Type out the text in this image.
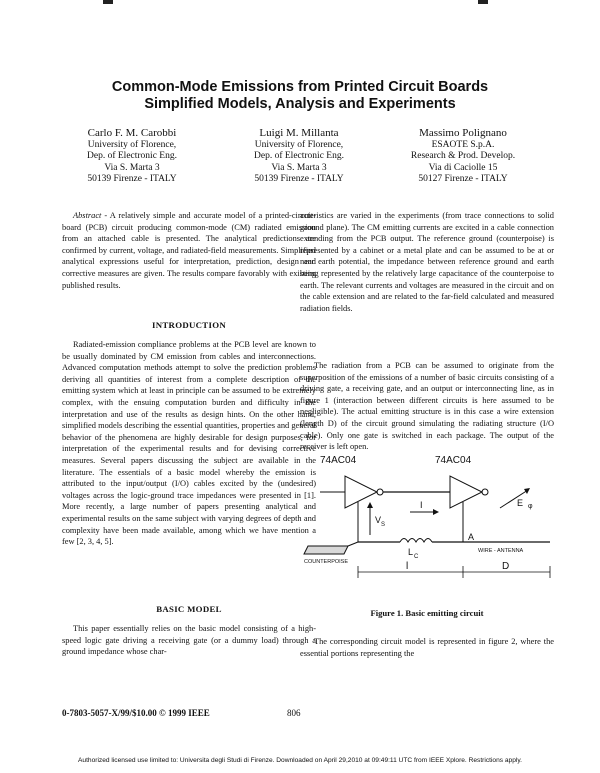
Common-Mode Emissions from Printed Circuit Boards
Simplified Models, Analysis and Experiments
Carlo F. M. Carobbi
University of Florence,
Dep. of Electronic Eng.
Via S. Marta 3
50139 Firenze - ITALY
Luigi M. Millanta
University of Florence,
Dep. of Electronic Eng.
Via S. Marta 3
50139 Firenze - ITALY
Massimo Polignano
ESAOTE S.p.A.
Research & Prod. Develop.
Via di Caciolle 15
50127 Firenze - ITALY

Abstract - A relatively simple and accurate model of a printed-circuit-board (PCB) circuit producing common-mode (CM) radiated emission from an attached cable is presented. The analytical predictions are confirmed by current, voltage, and radiated-field measurements. Simplified analytical expressions useful for interpretation, prediction, design and corrective measures are given. The results compare favorably with existing published results.

INTRODUCTION

Radiated-emission compliance problems at the PCB level are known to be usually dominated by CM emission from cables and interconnections. Advanced computation methods attempt to solve the prediction problems deriving all quantities of interest from a complete description of the emitting system which at least in principle can be assumed to be extremely complex, with the ensuing computation burden and difficulty in the interpretation and use of the results as design hints. On the other hand, simplified models describing the essential quantities, properties and general behavior of the phenomena are highly desirable for design purposes, for interpretation of the experimental results and for devising corrective measures. Several papers discussing the subject are available in the literature. The essentials of a basic model whereby the emission is attributed to the input/output (I/O) cables excited by the (undesired) voltages across the logic-ground trace impedances were presented in [1]. More recently, a large number of papers presenting analytical and experimental results on the same subject with varying degrees of depth and complexity have been made available, among which we have mention a few [2, 3, 4, 5].

BASIC MODEL

This paper essentially relies on the basic model consisting of a high-speed logic gate driving a receiving gate (or a dummy load) through a ground impedance whose char-

acteristics are varied in the experiments (from trace connections to solid ground plane). The CM emitting currents are excited in a cable connection extending from the PCB output. The reference ground (counterpoise) is represented by a cabinet or a metal plate and can be assumed to be at or near earth potential, the impedance between reference ground and earth being represented by the relatively large capacitance of the counterpoise to earth. The relevant currents and voltages are measured in the circuit and on the cable extension and are related to the far-field calculated and measured radiation fields.

The radiation from a PCB can be assumed to originate from the superposition of the emissions of a number of basic circuits consisting of a driving gate, a receiving gate, and an output or interconnecting line, as in figure 1 (interaction between different circuits is here assumed to be negligible). The actual emitting structure is in this case a wire extension (length D) of the circuit ground simulating the radiating structure (I/O cable). Only one gate is switched in each package. The output of the receiver is left open.

74AC04	74AC04
V S
I
L C
A
COUNTERPOISE
WIRE - ANTENNA
l	D
E φ
Figure 1. Basic emitting circuit

The corresponding circuit model is represented in figure 2, where the essential portions representing the

0-7803-5057-X/99/$10.00 © 1999 IEEE	806
Authorized licensed use limited to: Universita degli Studi di Firenze. Downloaded on April 29,2010 at 09:49:11 UTC from IEEE Xplore. Restrictions apply.
